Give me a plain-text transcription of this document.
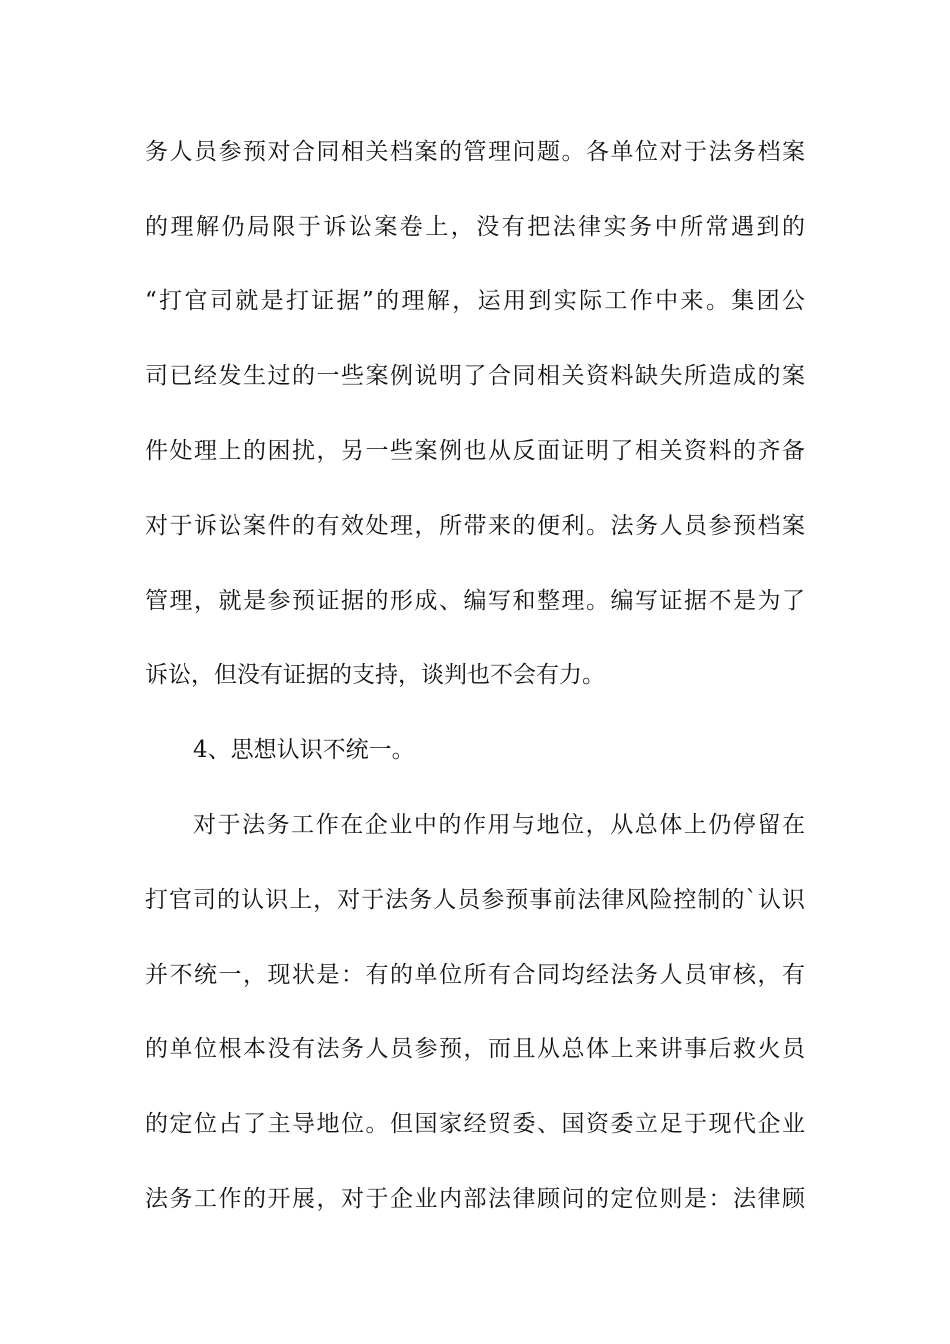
务人员参预对合同相关档案的管理问题。各单位对于法务档案
的理解仍局限于诉讼案卷上，没有把法律实务中所常遇到的
“打官司就是打证据”的理解，运用到实际工作中来。集团公
司已经发生过的一些案例说明了合同相关资料缺失所造成的案
件处理上的困扰，另一些案例也从反面证明了相关资料的齐备
对于诉讼案件的有效处理，所带来的便利。法务人员参预档案
管理，就是参预证据的形成、编写和整理。编写证据不是为了
诉讼，但没有证据的支持，谈判也不会有力。
4、思想认识不统一。
对于法务工作在企业中的作用与地位，从总体上仍停留在
打官司的认识上，对于法务人员参预事前法律风险控制的`认识
并不统一，现状是：有的单位所有合同均经法务人员审核，有
的单位根本没有法务人员参预，而且从总体上来讲事后救火员
的定位占了主导地位。但国家经贸委、国资委立足于现代企业
法务工作的开展，对于企业内部法律顾问的定位则是：法律顾
